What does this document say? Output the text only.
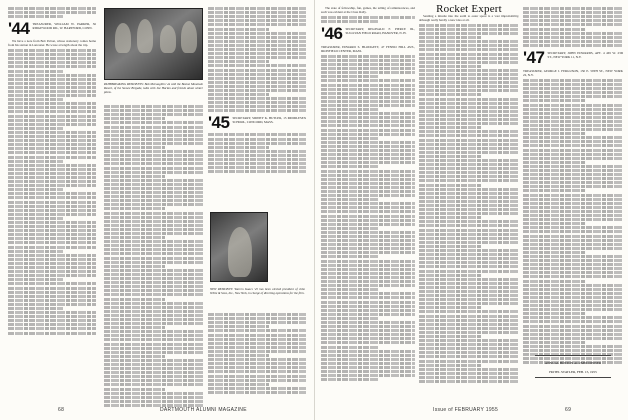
'44 TREASURER, WILLIAM W. PARKER, 36 RIDGEWOOD RD., W. HARTFORD, CONN.

We have a note from Bob Pelton, whose stationery comes home from his station in Lancaster. He wrote at length about the trip.

PATHBREAKING RESIDENTS: Bob McLaughlin '44 with the Boston Mountain Resort, of the Sussex Brigade, talks with Joe Harlan and friends about winter plans.
'45 SECRETARY, SIDNEY K. BUTLER, 15 MIDDLESEX SCHOOL, CONCORD, MASS.
NEW RESIDENT: Warren Isaacs '45 has been elected president of John White & Sons, Inc., New York, in charge of directing operations for the firm.
68	DARTMOUTH ALUMNI MAGAZINE

The state of fellowship, fun, games, the telling of reminiscences, and such was evident at the Class Rally.

'46 SECRETARY, REGINALD F. PIERCE JR., SULLIVAN FIELD ROAD, HANOVER, N. H.

TREASURER, EDWARD S. BLODGETT, 47 FENNO HILL AVE., IRONFIELD CENTER, MASS.

Rocket Expert

Sending a missile into the earth to outer space is a vast improbability, although really hardly a new idea at all.

'47 SECRETARY, JOHN EDWARDS, APT. 4 465 W. 23D ST., NEW YORK 11, N.Y.

TREASURER, GEORGE J. FERGUSON, 150 E. 59TH ST., NEW YORK 22, N.Y.

ANNUAL BOSTON ALUMNI DINNER
HOTEL STATLER, FEB. 15, 1955
Issue of FEBRUARY 1955	69
